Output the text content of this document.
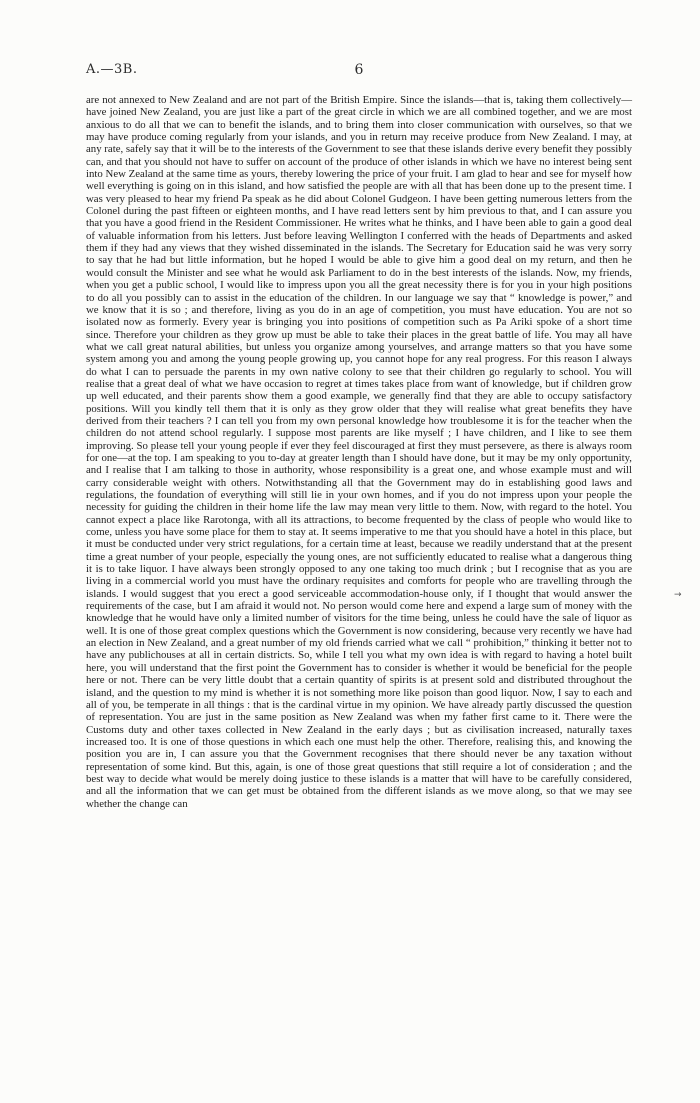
A.—3B.	6

are not annexed to New Zealand and are not part of the British Empire. Since the islands—that is, taking them collectively—have joined New Zealand, you are just like a part of the great circle in which we are all combined together, and we are most anxious to do all that we can to benefit the islands, and to bring them into closer communication with ourselves, so that we may have produce coming regularly from your islands, and you in return may receive produce from New Zealand. I may, at any rate, safely say that it will be to the interests of the Government to see that these islands derive every benefit they possibly can, and that you should not have to suffer on account of the produce of other islands in which we have no interest being sent into New Zealand at the same time as yours, thereby lowering the price of your fruit. I am glad to hear and see for myself how well everything is going on in this island, and how satisfied the people are with all that has been done up to the present time. I was very pleased to hear my friend Pa speak as he did about Colonel Gudgeon. I have been getting numerous letters from the Colonel during the past fifteen or eighteen months, and I have read letters sent by him previous to that, and I can assure you that you have a good friend in the Resident Commissioner. He writes what he thinks, and I have been able to gain a good deal of valuable information from his letters. Just before leaving Wellington I conferred with the heads of Departments and asked them if they had any views that they wished disseminated in the islands. The Secretary for Education said he was very sorry to say that he had but little information, but he hoped I would be able to give him a good deal on my return, and then he would consult the Minister and see what he would ask Parliament to do in the best interests of the islands. Now, my friends, when you get a public school, I would like to impress upon you all the great necessity there is for you in your high positions to do all you possibly can to assist in the education of the children. In our language we say that “ knowledge is power,” and we know that it is so ; and therefore, living as you do in an age of competition, you must have education. You are not so isolated now as formerly. Every year is bringing you into positions of competition such as Pa Ariki spoke of a short time since. Therefore your children as they grow up must be able to take their places in the great battle of life. You may all have what we call great natural abilities, but unless you organize among yourselves, and arrange matters so that you have some system among you and among the young people growing up, you cannot hope for any real progress. For this reason I always do what I can to persuade the parents in my own native colony to see that their children go regularly to school. You will realise that a great deal of what we have occasion to regret at times takes place from want of knowledge, but if children grow up well educated, and their parents show them a good example, we generally find that they are able to occupy satisfactory positions. Will you kindly tell them that it is only as they grow older that they will realise what great benefits they have derived from their teachers ? I can tell you from my own personal knowledge how troublesome it is for the teacher when the children do not attend school regularly. I suppose most parents are like myself ; I have children, and I like to see them improving. So please tell your young people if ever they feel discouraged at first they must persevere, as there is always room for one—at the top. I am speaking to you to-day at greater length than I should have done, but it may be my only opportunity, and I realise that I am talking to those in authority, whose responsibility is a great one, and whose example must and will carry considerable weight with others. Notwithstanding all that the Government may do in establishing good laws and regulations, the foundation of everything will still lie in your own homes, and if you do not impress upon your people the necessity for guiding the children in their home life the law may mean very little to them. Now, with regard to the hotel. You cannot expect a place like Rarotonga, with all its attractions, to become frequented by the class of people who would like to come, unless you have some place for them to stay at. It seems imperative to me that you should have a hotel in this place, but it must be conducted under very strict regulations, for a certain time at least, because we readily understand that at the present time a great number of your people, especially the young ones, are not sufficiently educated to realise what a dangerous thing it is to take liquor. I have always been strongly opposed to any one taking too much drink ; but I recognise that as you are living in a commercial world you must have the ordinary requisites and comforts for people who are travelling through the islands. I would suggest that you erect a good serviceable accommodation-house only, if I thought that would answer the requirements of the case, but I am afraid it would not. No person would come here and expend a large sum of money with the knowledge that he would have only a limited number of visitors for the time being, unless he could have the sale of liquor as well. It is one of those great complex questions which the Government is now considering, because very recently we have had an election in New Zealand, and a great number of my old friends carried what we call “ prohibition,” thinking it better not to have any publichouses at all in certain districts. So, while I tell you what my own idea is with regard to having a hotel built here, you will understand that the first point the Government has to consider is whether it would be beneficial for the people here or not. There can be very little doubt that a certain quantity of spirits is at present sold and distributed throughout the island, and the question to my mind is whether it is not something more like poison than good liquor. Now, I say to each and all of you, be temperate in all things : that is the cardinal virtue in my opinion. We have already partly discussed the question of representation. You are just in the same position as New Zealand was when my father first came to it. There were the Customs duty and other taxes collected in New Zealand in the early days ; but as civilisation increased, naturally taxes increased too. It is one of those questions in which each one must help the other. Therefore, realising this, and knowing the position you are in, I can assure you that the Government recognises that there should never be any taxation without representation of some kind. But this, again, is one of those great questions that still require a lot of consideration ; and the best way to decide what would be merely doing justice to these islands is a matter that will have to be carefully considered, and all the information that we can get must be obtained from the different islands as we move along, so that we may see whether the change can

→
